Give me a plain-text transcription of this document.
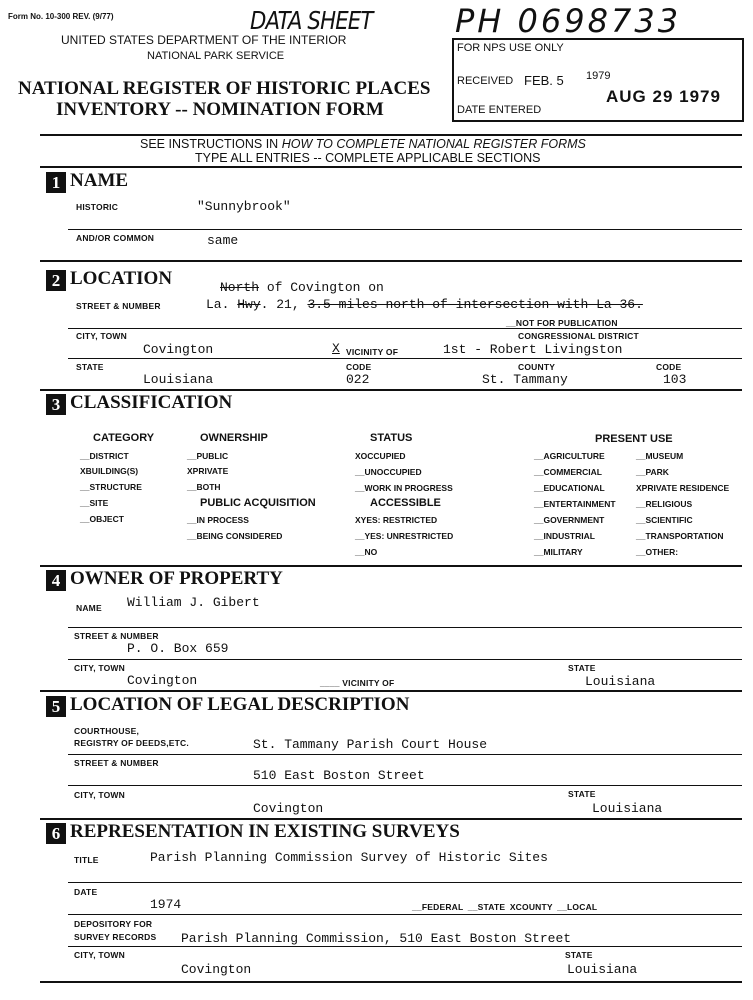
Form No. 10-300 REV. (9/77)	DATA SHEET
UNITED STATES DEPARTMENT OF THE INTERIOR
NATIONAL PARK SERVICE
NATIONAL REGISTER OF HISTORIC PLACES
INVENTORY -- NOMINATION FORM
PH 0698733
FOR NPS USE ONLY
RECEIVED FEB. 5 1979
AUG 29 1979
DATE ENTERED
SEE INSTRUCTIONS IN HOW TO COMPLETE NATIONAL REGISTER FORMS
TYPE ALL ENTRIES -- COMPLETE APPLICABLE SECTIONS
1 NAME
HISTORIC	"Sunnybrook"
AND/OR COMMON	same
2 LOCATION	North of Covington on
STREET & NUMBER	La. Hwy. 21, 3.5 miles north of intersection with La 36.
__NOT FOR PUBLICATION
CITY, TOWN	CONGRESSIONAL DISTRICT
Covington	X VICINITY OF	1st - Robert Livingston
STATE	CODE	COUNTY	CODE
Louisiana	022	St. Tammany	103
3 CLASSIFICATION
CATEGORY
__DISTRICT
XBUILDING(S)
__STRUCTURE
__SITE
__OBJECT
OWNERSHIP
__PUBLIC
XPRIVATE
__BOTH
PUBLIC ACQUISITION
__IN PROCESS
__BEING CONSIDERED
STATUS
XOCCUPIED
__UNOCCUPIED
__WORK IN PROGRESS
ACCESSIBLE
XYES: RESTRICTED
__YES: UNRESTRICTED
__NO
PRESENT USE
__AGRICULTURE
__COMMERCIAL
__EDUCATIONAL
__ENTERTAINMENT
__GOVERNMENT
__INDUSTRIAL
__MILITARY
__MUSEUM
__PARK
XPRIVATE RESIDENCE
__RELIGIOUS
__SCIENTIFIC
__TRANSPORTATION
__OTHER:
4 OWNER OF PROPERTY
William J. Gibert
NAME
STREET & NUMBER
P. O. Box 659
CITY, TOWN	STATE
Covington	____ VICINITY OF	Louisiana
5 LOCATION OF LEGAL DESCRIPTION
COURTHOUSE,
REGISTRY OF DEEDS,ETC.	St. Tammany Parish Court House
STREET & NUMBER
510 East Boston Street
CITY, TOWN	STATE
Covington	Louisiana
6 REPRESENTATION IN EXISTING SURVEYS
TITLE	Parish Planning Commission Survey of Historic Sites
DATE
1974	__FEDERAL __STATE XCOUNTY __LOCAL
DEPOSITORY FOR
SURVEY RECORDS Parish Planning Commission, 510 East Boston Street
CITY, TOWN	STATE
Covington	Louisiana
